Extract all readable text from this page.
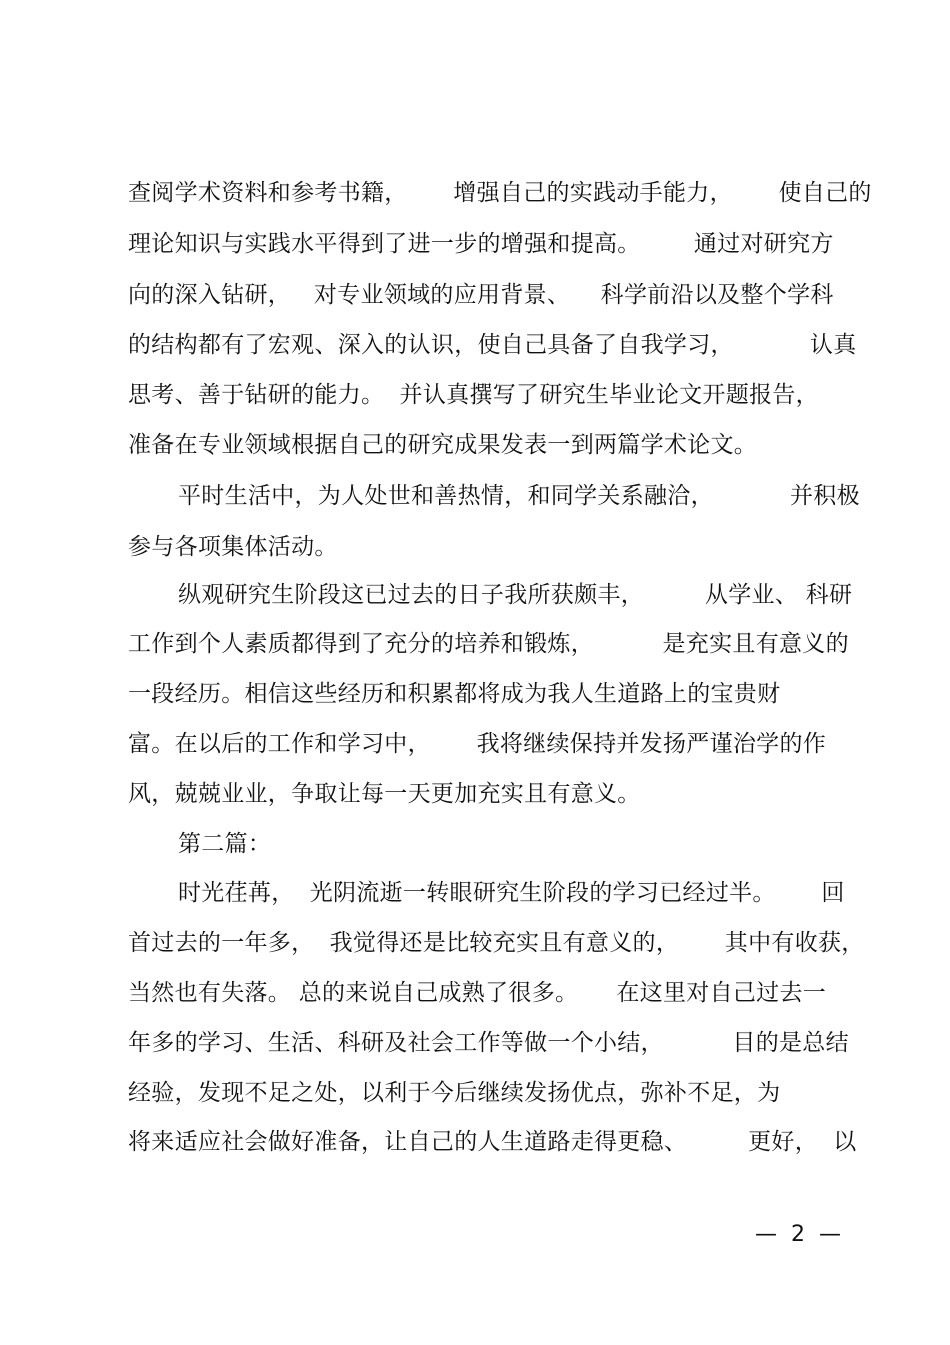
查阅学术资料和参考书籍，      增强自己的实践动手能力，      使自己的
理论知识与实践水平得到了进一步的增强和提高。       通过对研究方
向的深入钻研，   对专业领域的应用背景、    科学前沿以及整个学科
的结构都有了宏观、深入的认识，使自己具备了自我学习，          认真
思考、善于钻研的能力。  并认真撰写了研究生毕业论文开题报告，
准备在专业领域根据自己的研究成果发表一到两篇学术论文。
平时生活中，为人处世和善热情，和同学关系融洽，          并积极
参与各项集体活动。
纵观研究生阶段这已过去的日子我所获颇丰，        从学业、 科研
工作到个人素质都得到了充分的培养和锻炼，         是充实且有意义的
一段经历。相信这些经历和积累都将成为我人生道路上的宝贵财
富。在以后的工作和学习中，      我将继续保持并发扬严谨治学的作
风，兢兢业业，争取让每一天更加充实且有意义。
第二篇：
时光荏苒，  光阴流逝一转眼研究生阶段的学习已经过半。      回
首过去的一年多，  我觉得还是比较充实且有意义的，      其中有收获，
当然也有失落。 总的来说自己成熟了很多。     在这里对自己过去一
年多的学习、生活、科研及社会工作等做一个小结，         目的是总结
经验，发现不足之处，以利于今后继续发扬优点，弥补不足，为
将来适应社会做好准备，让自己的人生道路走得更稳、        更好，  以
—  2  —
